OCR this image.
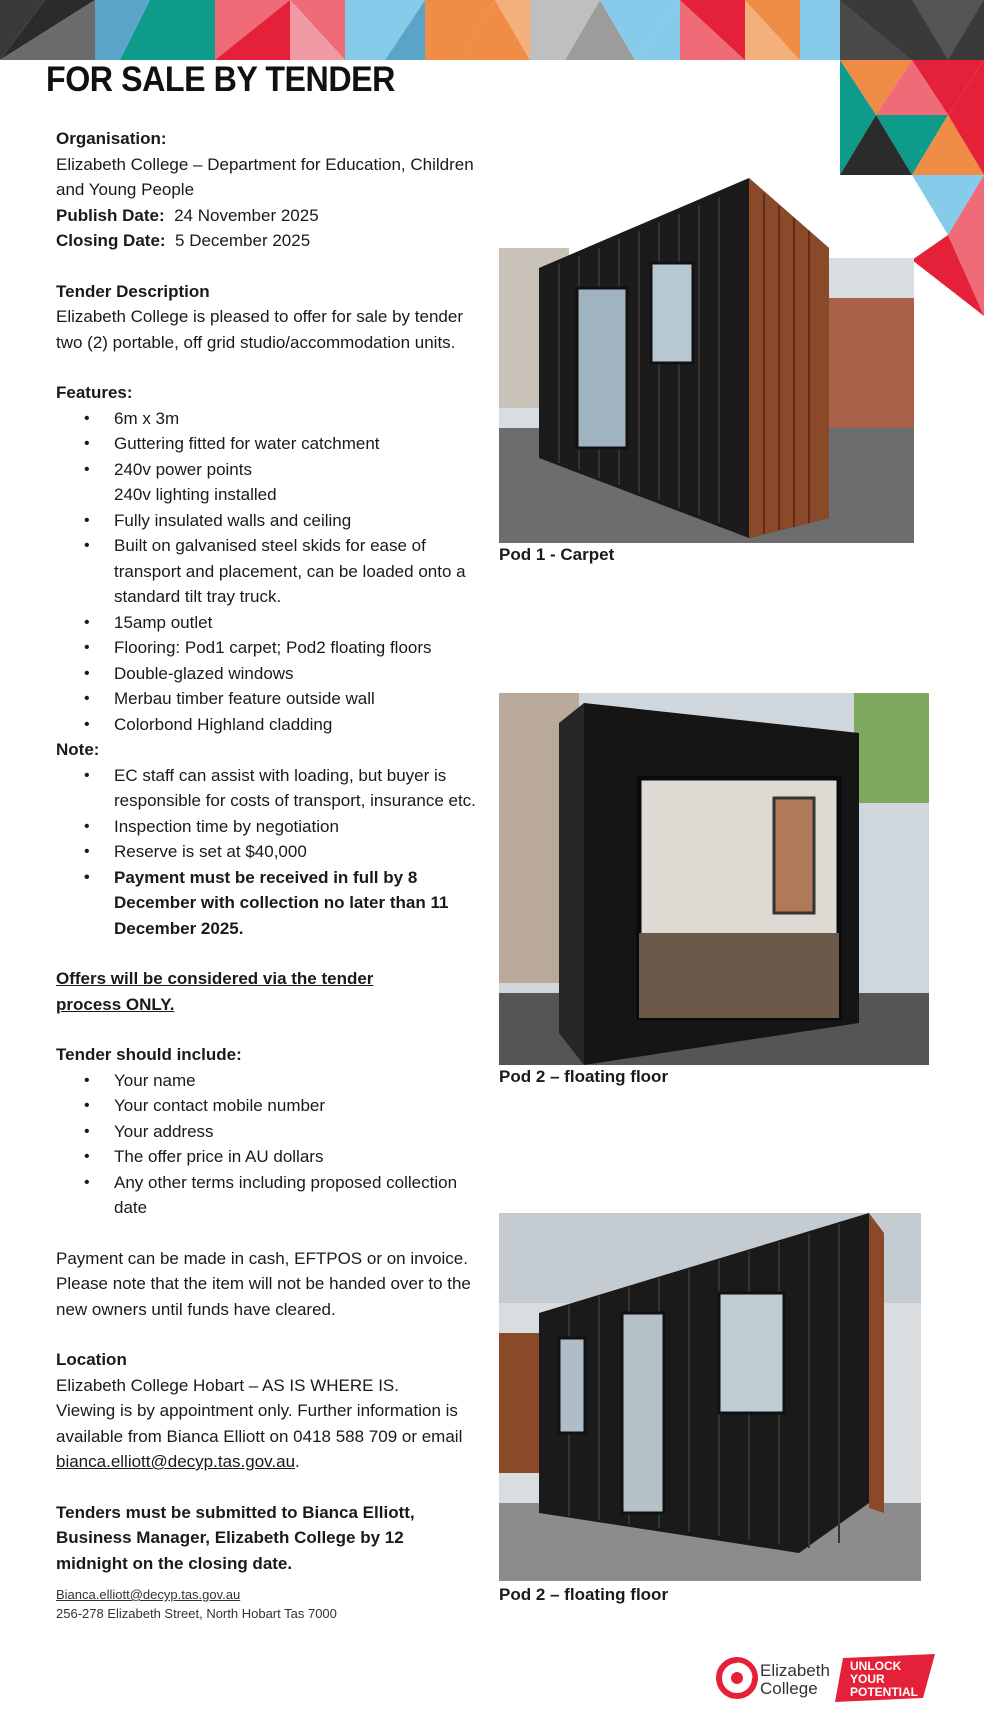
FOR SALE BY TENDER

Organisation:

Elizabeth College – Department for Education, Children and Young People

Publish Date: 24 November 2025

Closing Date: 5 December 2025

Tender Description

Elizabeth College is pleased to offer for sale by tender two (2) portable, off grid studio/accommodation units.

Features:

• 6m x 3m
• Guttering fitted for water catchment
• 240v power points
240v lighting installed
• Fully insulated walls and ceiling
• Built on galvanised steel skids for ease of transport and placement, can be loaded onto a standard tilt tray truck.
• 15amp outlet
• Flooring: Pod1 carpet; Pod2 floating floors
• Double-glazed windows
• Merbau timber feature outside wall
• Colorbond Highland cladding

Note:

• EC staff can assist with loading, but buyer is responsible for costs of transport, insurance etc.
• Inspection time by negotiation
• Reserve is set at $40,000
• Payment must be received in full by 8 December with collection no later than 11 December 2025.

Offers will be considered via the tender process ONLY.

Tender should include:

• Your name
• Your contact mobile number
• Your address
• The offer price in AU dollars
• Any other terms including proposed collection date

Payment can be made in cash, EFTPOS or on invoice. Please note that the item will not be handed over to the new owners until funds have cleared.

Location

Elizabeth College Hobart – AS IS WHERE IS.

Viewing is by appointment only. Further information is available from Bianca Elliott on 0418 588 709 or email
bianca.elliott@decyp.tas.gov.au.

Tenders must be submitted to Bianca Elliott, Business Manager, Elizabeth College by 12 midnight on the closing date.

Bianca.elliott@decyp.tas.gov.au
256-278 Elizabeth Street, North Hobart Tas 7000
Pod 1 - Carpet
Pod 2 – floating floor
Pod 2 – floating floor
Elizabeth
College
UNLOCK
YOUR
POTENTIAL
